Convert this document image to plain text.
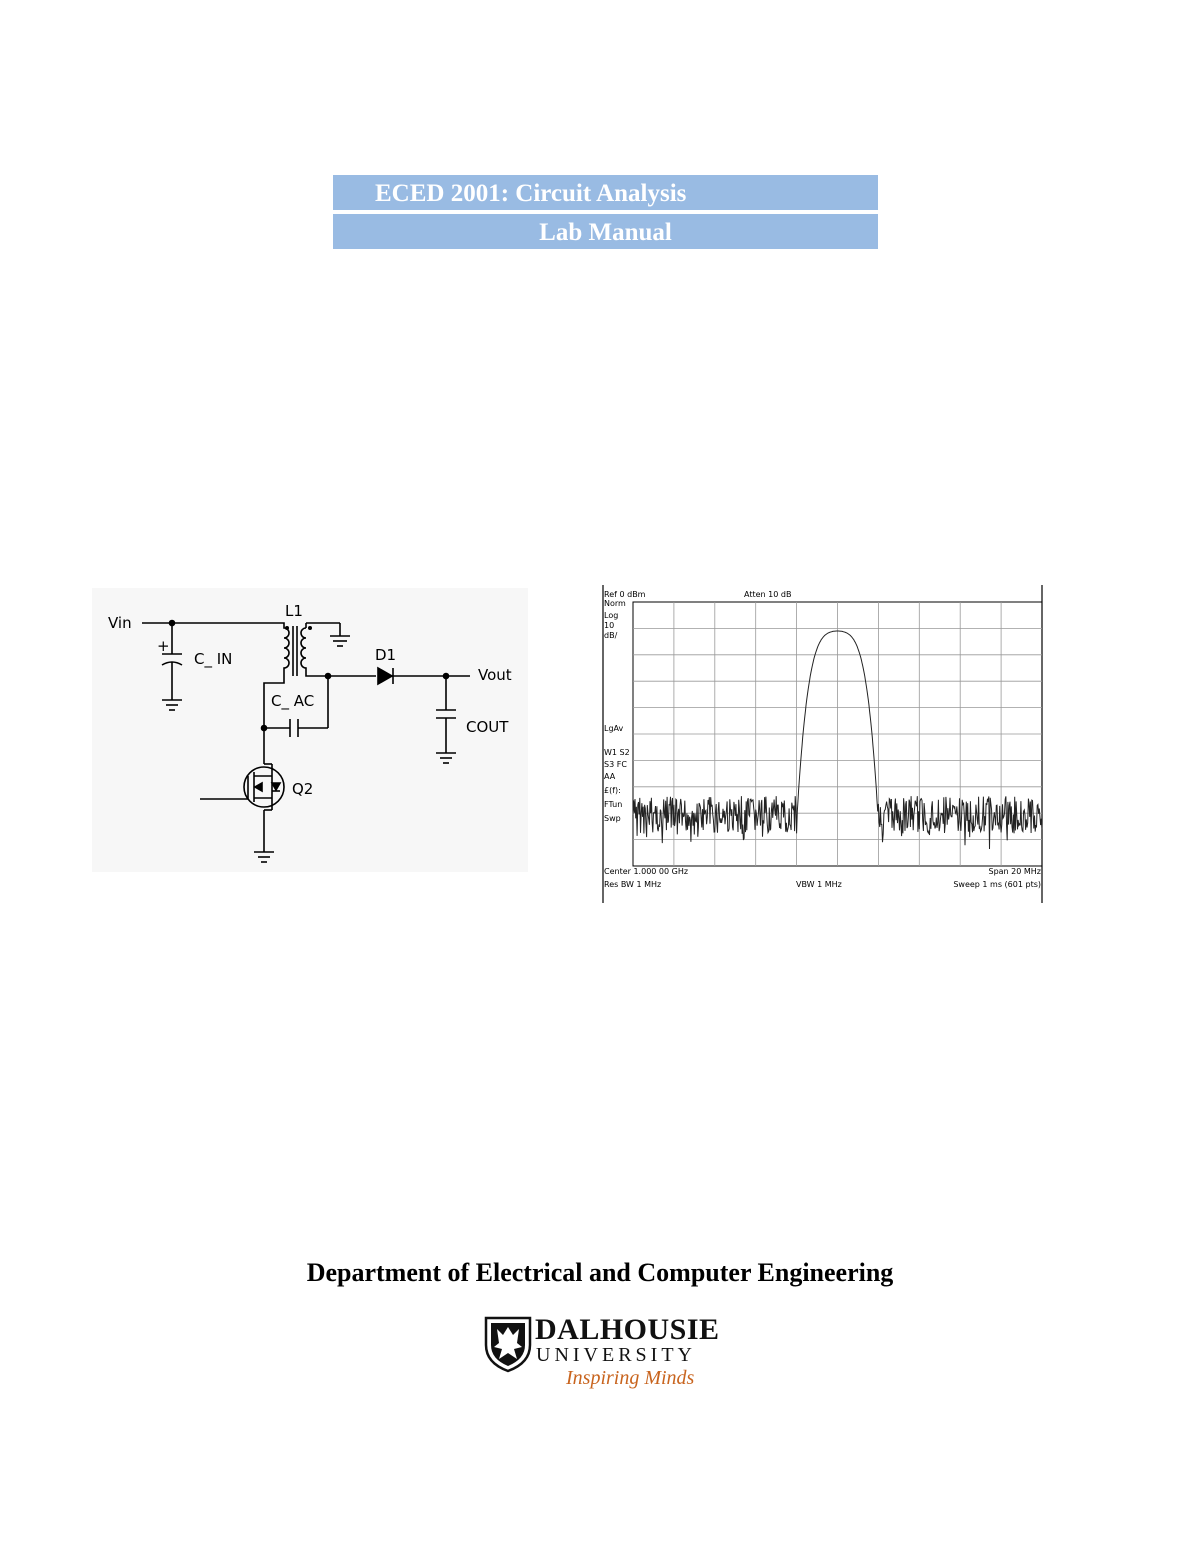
ECED 2001: Circuit Analysis
Lab Manual
Vin
L1
+
C_ IN	D1
Vout
C_ AC
COUT
Q2
Ref 0 dBm	Atten 10 dB
Norm Log 10 dB/ LgAv W1 S2 S3 FC AA £(f): FTun Swp
Center 1.000 00 GHz	Span 20 MHz
Res BW 1 MHz	VBW 1 MHz	Sweep 1 ms (601 pts)
Department of Electrical and Computer Engineering
DALHOUSIE
UNIVERSITY
Inspiring Minds
